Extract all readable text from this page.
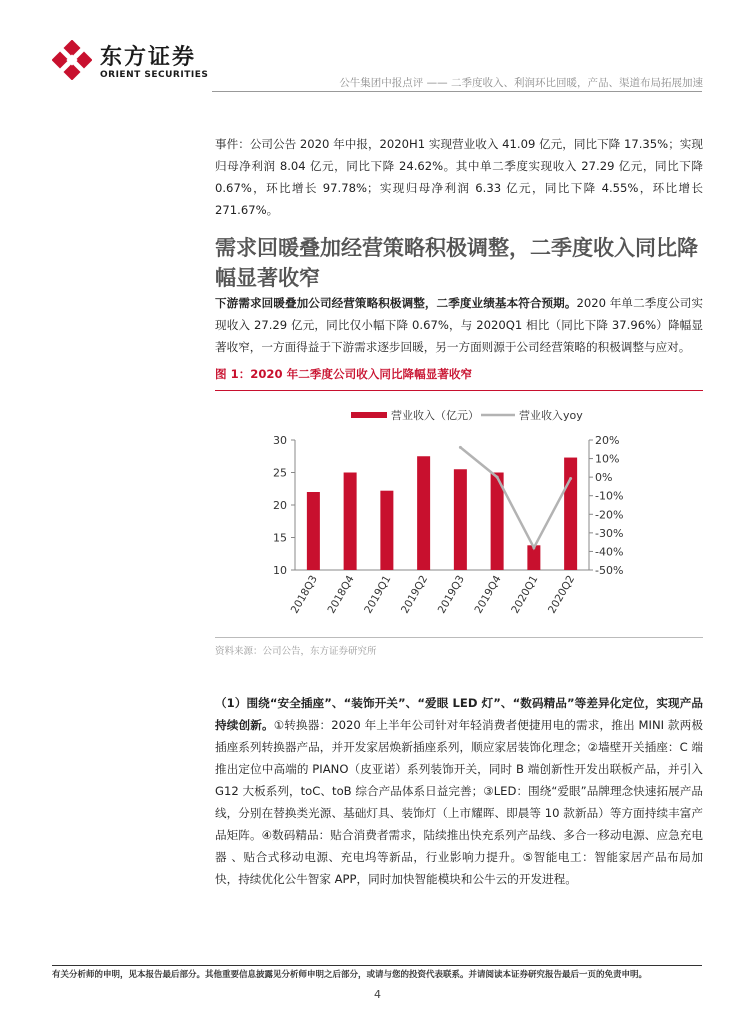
东方证券
ORIENT SECURITIES
公牛集团中报点评 —— 二季度收入、利润环比回暖，产品、渠道布局拓展加速
事件：公司公告 2020 年中报，2020H1 实现营业收入 41.09 亿元，同比下降 17.35%；实现归母净利润 8.04 亿元，同比下降 24.62%。其中单二季度实现收入 27.29 亿元，同比下降 0.67%，环比增长 97.78%；实现归母净利润 6.33 亿元，同比下降 4.55%，环比增长 271.67%。
需求回暖叠加经营策略积极调整，二季度收入同比降幅显著收窄
下游需求回暖叠加公司经营策略积极调整，二季度业绩基本符合预期。2020 年单二季度公司实现收入 27.29 亿元，同比仅小幅下降 0.67%，与 2020Q1 相比（同比下降 37.96%）降幅显著收窄，一方面得益于下游需求逐步回暖，另一方面则源于公司经营策略的积极调整与应对。
图 1：2020 年二季度公司收入同比降幅显著收窄
营业收入（亿元）	营业收入yoy
30
25
20
15
10
20%
10%
0%
-10%
-20%
-30%
-40%
-50%
2018Q3 2018Q4 2019Q1 2019Q2 2019Q3 2019Q4 2020Q1 2020Q2
资料来源：公司公告，东方证券研究所
（1）围绕“安全插座”、“装饰开关”、“爱眼 LED 灯”、“数码精品”等差异化定位，实现产品持续创新。①转换器：2020 年上半年公司针对年轻消费者便捷用电的需求，推出 MINI 款两极插座系列转换器产品，并开发家居焕新插座系列，顺应家居装饰化理念；②墙壁开关插座：C 端推出定位中高端的 PIANO（皮亚诺）系列装饰开关，同时 B 端创新性开发出联板产品，并引入 G12 大板系列，toC、toB 综合产品体系日益完善；③LED：围绕“爱眼”品牌理念快速拓展产品线，分别在替换类光源、基础灯具、装饰灯（上市耀晖、即晨等 10 款新品）等方面持续丰富产品矩阵。④数码精品：贴合消费者需求，陆续推出快充系列产品线、多合一移动电源、应急充电器 、贴合式移动电源、充电坞等新品，行业影响力提升。⑤智能电工：智能家居产品布局加快，持续优化公牛智家 APP，同时加快智能模块和公牛云的开发进程。
有关分析师的申明，见本报告最后部分。其他重要信息披露见分析师申明之后部分，或请与您的投资代表联系。并请阅读本证券研究报告最后一页的免责申明。
4
